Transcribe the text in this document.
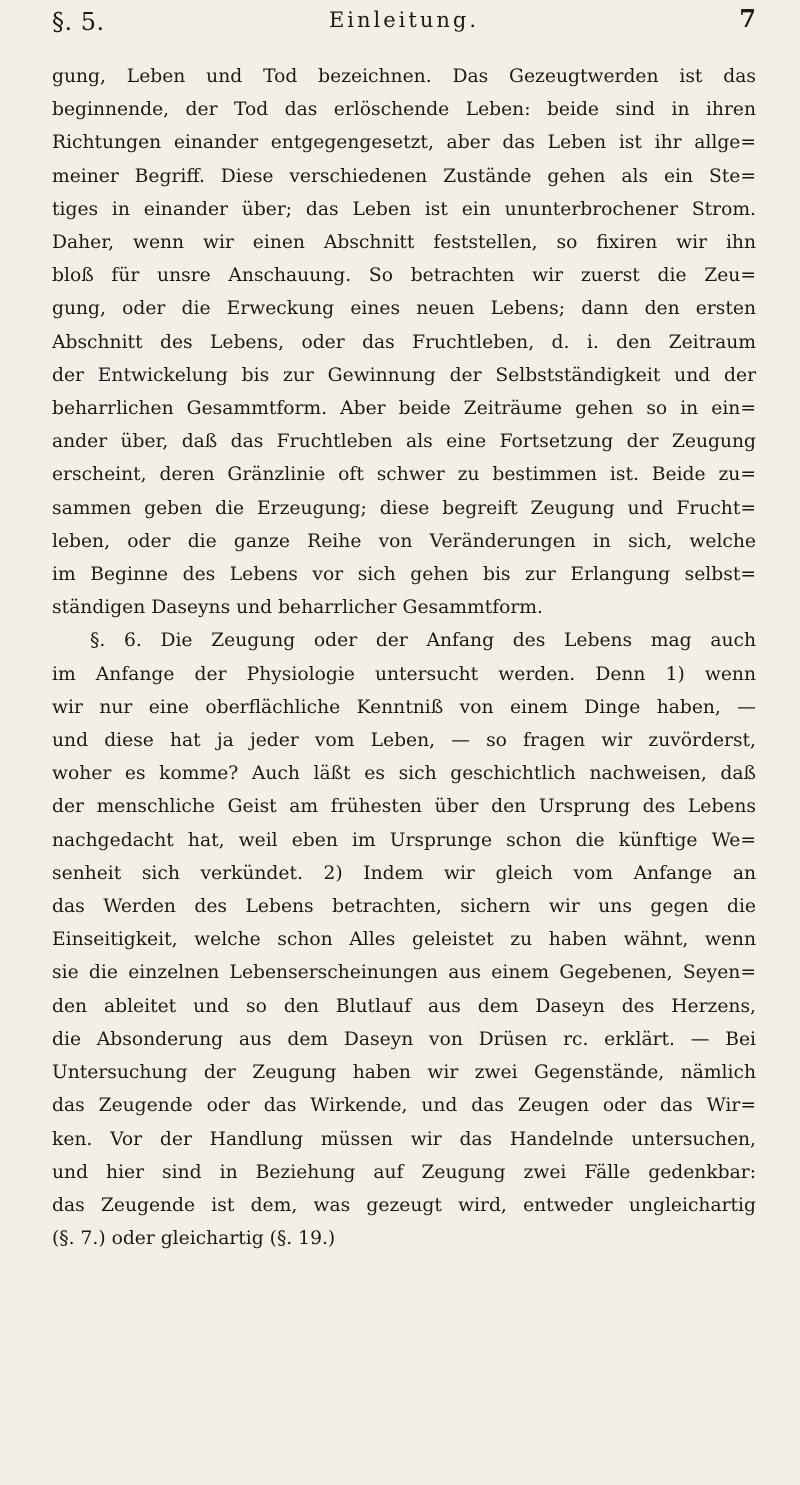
§. 5.	Einleitung.	7
gung, Leben und Tod bezeichnen. Das Gezeugtwerden ist das
beginnende, der Tod das erlöschende Leben: beide sind in ihren
Richtungen einander entgegengesetzt, aber das Leben ist ihr allge=
meiner Begriff. Diese verschiedenen Zustände gehen als ein Ste=
tiges in einander über; das Leben ist ein ununterbrochener Strom.
Daher, wenn wir einen Abschnitt feststellen, so fixiren wir ihn
bloß für unsre Anschauung. So betrachten wir zuerst die Zeu=
gung, oder die Erweckung eines neuen Lebens; dann den ersten
Abschnitt des Lebens, oder das Fruchtleben, d. i. den Zeitraum
der Entwickelung bis zur Gewinnung der Selbstständigkeit und der
beharrlichen Gesammtform. Aber beide Zeiträume gehen so in ein=
ander über, daß das Fruchtleben als eine Fortsetzung der Zeugung
erscheint, deren Gränzlinie oft schwer zu bestimmen ist. Beide zu=
sammen geben die Erzeugung; diese begreift Zeugung und Frucht=
leben, oder die ganze Reihe von Veränderungen in sich, welche
im Beginne des Lebens vor sich gehen bis zur Erlangung selbst=
ständigen Daseyns und beharrlicher Gesammtform.
§. 6. Die Zeugung oder der Anfang des Lebens mag auch
im Anfange der Physiologie untersucht werden. Denn 1) wenn
wir nur eine oberflächliche Kenntniß von einem Dinge haben, —
und diese hat ja jeder vom Leben, — so fragen wir zuvörderst,
woher es komme? Auch läßt es sich geschichtlich nachweisen, daß
der menschliche Geist am frühesten über den Ursprung des Lebens
nachgedacht hat, weil eben im Ursprunge schon die künftige We=
senheit sich verkündet. 2) Indem wir gleich vom Anfange an
das Werden des Lebens betrachten, sichern wir uns gegen die
Einseitigkeit, welche schon Alles geleistet zu haben wähnt, wenn
sie die einzelnen Lebenserscheinungen aus einem Gegebenen, Seyen=
den ableitet und so den Blutlauf aus dem Daseyn des Herzens,
die Absonderung aus dem Daseyn von Drüsen rc. erklärt. — Bei
Untersuchung der Zeugung haben wir zwei Gegenstände, nämlich
das Zeugende oder das Wirkende, und das Zeugen oder das Wir=
ken. Vor der Handlung müssen wir das Handelnde untersuchen,
und hier sind in Beziehung auf Zeugung zwei Fälle gedenkbar:
das Zeugende ist dem, was gezeugt wird, entweder ungleichartig
(§. 7.) oder gleichartig (§. 19.)
